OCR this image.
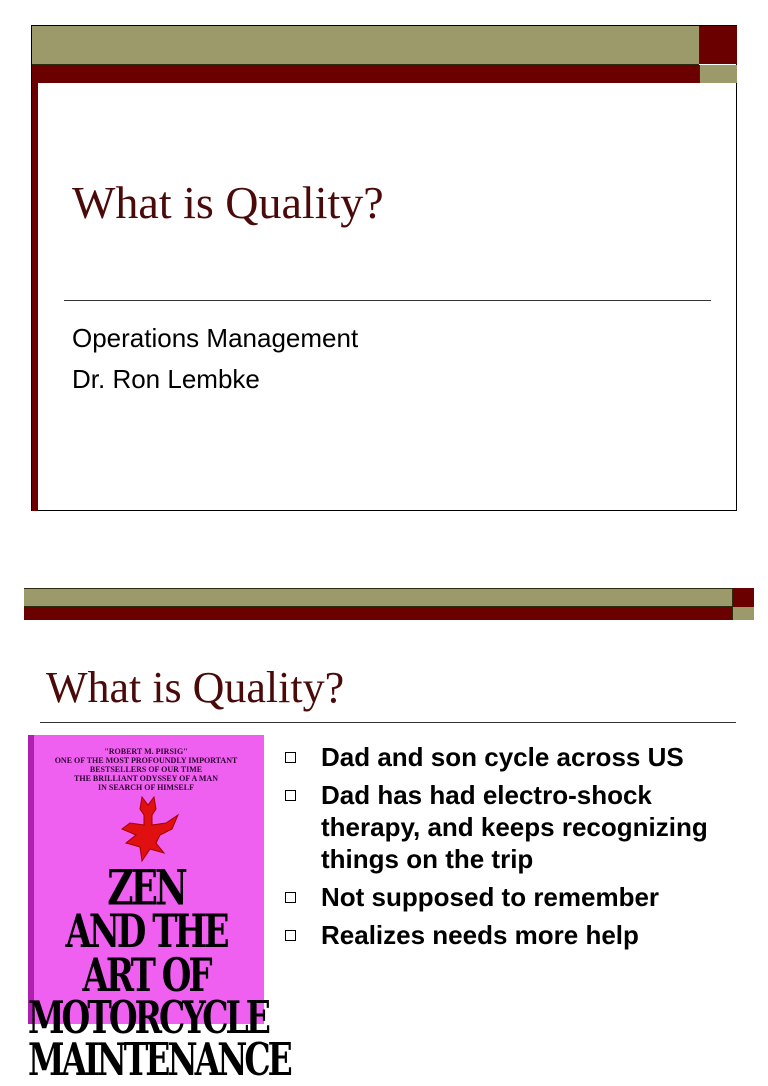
What is Quality?
Operations Management
Dr. Ron Lembke
What is Quality?
"ROBERT M. PIRSIG"
ONE OF THE MOST PROFOUNDLY IMPORTANT
BESTSELLERS OF OUR TIME
THE BRILLIANT ODYSSEY OF A MAN
IN SEARCH OF HIMSELF
ZEN
AND THE
ART OF
MOTORCYCLE
MAINTENANCE
Dad and son cycle across US
Dad has had electro-shock therapy, and keeps recognizing things on the trip
Not supposed to remember
Realizes needs more help
